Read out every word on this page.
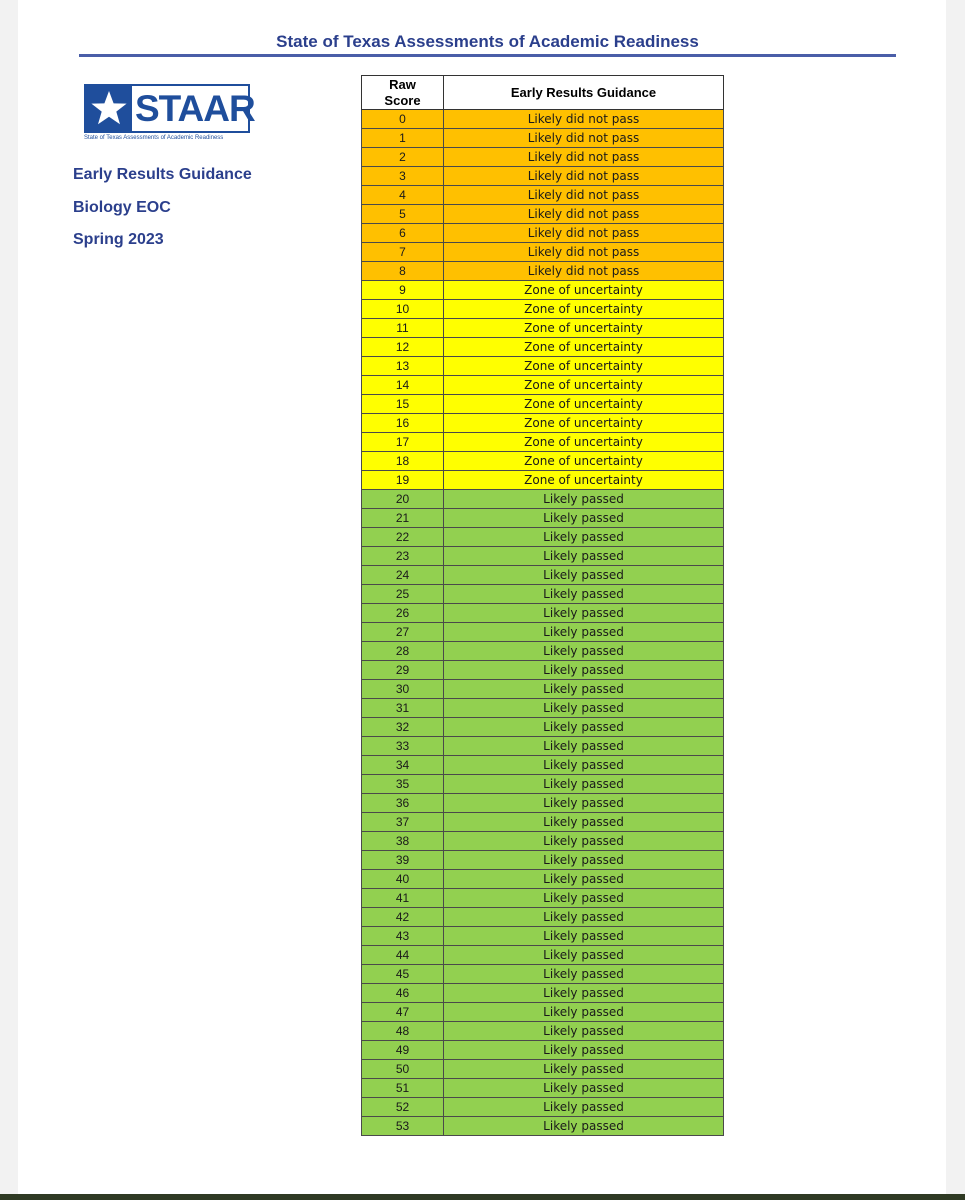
State of Texas Assessments of Academic Readiness
STAAR
State of Texas Assessments of Academic Readiness
Early Results Guidance
Biology EOC
Spring 2023
Raw Score	Early Results Guidance
0	Likely did not pass
1	Likely did not pass
2	Likely did not pass
3	Likely did not pass
4	Likely did not pass
5	Likely did not pass
6	Likely did not pass
7	Likely did not pass
8	Likely did not pass
9	Zone of uncertainty
10	Zone of uncertainty
11	Zone of uncertainty
12	Zone of uncertainty
13	Zone of uncertainty
14	Zone of uncertainty
15	Zone of uncertainty
16	Zone of uncertainty
17	Zone of uncertainty
18	Zone of uncertainty
19	Zone of uncertainty
20	Likely passed
21	Likely passed
22	Likely passed
23	Likely passed
24	Likely passed
25	Likely passed
26	Likely passed
27	Likely passed
28	Likely passed
29	Likely passed
30	Likely passed
31	Likely passed
32	Likely passed
33	Likely passed
34	Likely passed
35	Likely passed
36	Likely passed
37	Likely passed
38	Likely passed
39	Likely passed
40	Likely passed
41	Likely passed
42	Likely passed
43	Likely passed
44	Likely passed
45	Likely passed
46	Likely passed
47	Likely passed
48	Likely passed
49	Likely passed
50	Likely passed
51	Likely passed
52	Likely passed
53	Likely passed
